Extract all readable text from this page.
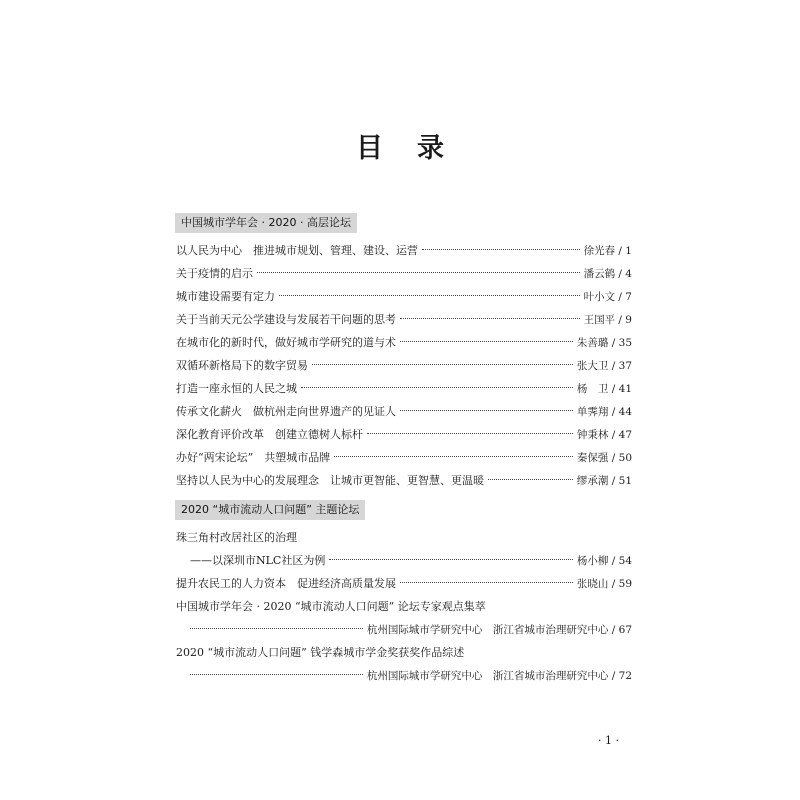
目 录
中国城市学年会 · 2020 · 高层论坛
以人民为中心　推进城市规划、管理、建设、运营	徐光春 / 1
关于疫情的启示	潘云鹤 / 4
城市建设需要有定力	叶小文 / 7
关于当前天元公学建设与发展若干问题的思考	王国平 / 9
在城市化的新时代，做好城市学研究的道与术	朱善璐 / 35
双循环新格局下的数字贸易	张大卫 / 37
打造一座永恒的人民之城	杨　卫 / 41
传承文化薪火　做杭州走向世界遗产的见证人	单霁翔 / 44
深化教育评价改革　创建立德树人标杆	钟秉林 / 47
办好“两宋论坛”　共塑城市品牌	秦保强 / 50
坚持以人民为中心的发展理念　让城市更智能、更智慧、更温暖	缪承潮 / 51
2020 “城市流动人口问题” 主题论坛
珠三角村改居社区的治理
——以深圳市NLC社区为例	杨小柳 / 54
提升农民工的人力资本　促进经济高质量发展	张晓山 / 59
中国城市学年会 · 2020 “城市流动人口问题” 论坛专家观点集萃
杭州国际城市学研究中心　浙江省城市治理研究中心 / 67
2020 “城市流动人口问题” 钱学森城市学金奖获奖作品综述
杭州国际城市学研究中心　浙江省城市治理研究中心 / 72
· 1 ·
